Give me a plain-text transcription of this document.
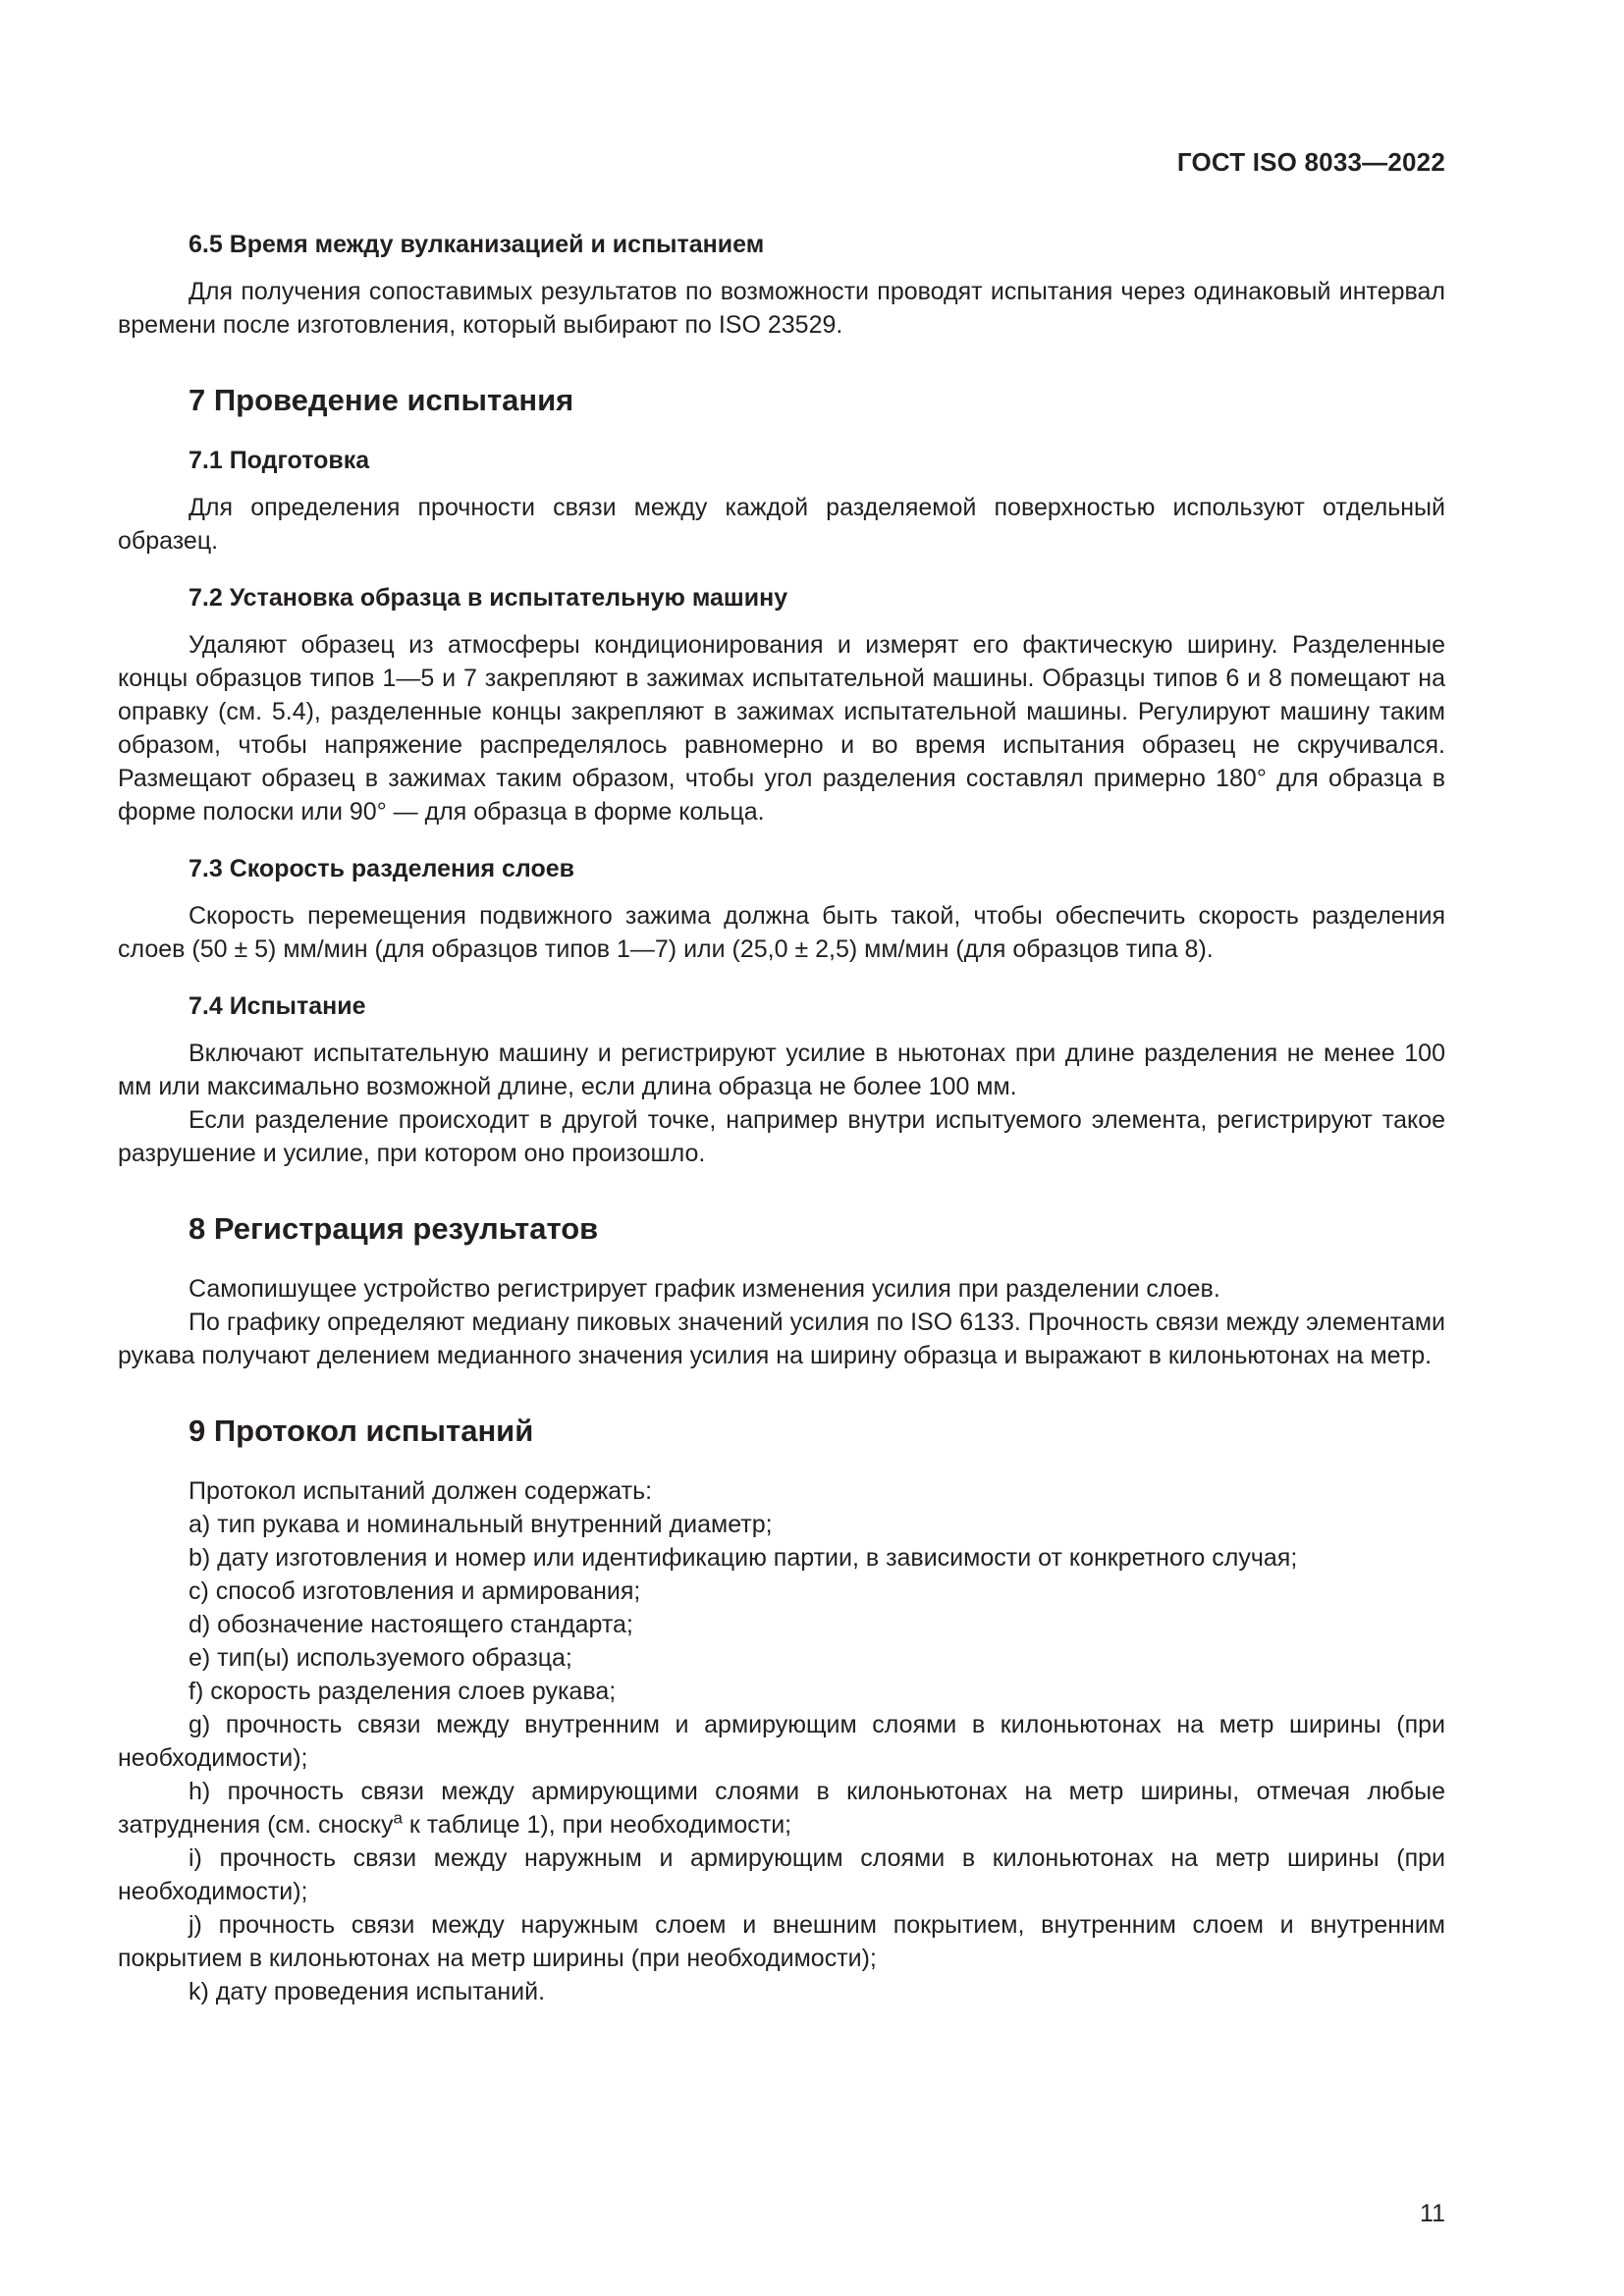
ГОСТ ISO 8033—2022
6.5 Время между вулканизацией и испытанием

Для получения сопоставимых результатов по возможности проводят испытания через одинаковый интервал времени после изготовления, который выбирают по ISO 23529.

7 Проведение испытания
7.1 Подготовка

Для определения прочности связи между каждой разделяемой поверхностью используют отдельный образец.

7.2 Установка образца в испытательную машину

Удаляют образец из атмосферы кондиционирования и измерят его фактическую ширину. Разделенные концы образцов типов 1—5 и 7 закрепляют в зажимах испытательной машины. Образцы типов 6 и 8 помещают на оправку (см. 5.4), разделенные концы закрепляют в зажимах испытательной машины. Регулируют машину таким образом, чтобы напряжение распределялось равномерно и во время испытания образец не скручивался. Размещают образец в зажимах таким образом, чтобы угол разделения составлял примерно 180° для образца в форме полоски или 90° — для образца в форме кольца.

7.3 Скорость разделения слоев

Скорость перемещения подвижного зажима должна быть такой, чтобы обеспечить скорость разделения слоев (50 ± 5) мм/мин (для образцов типов 1—7) или (25,0 ± 2,5) мм/мин (для образцов типа 8).

7.4 Испытание

Включают испытательную машину и регистрируют усилие в ньютонах при длине разделения не менее 100 мм или максимально возможной длине, если длина образца не более 100 мм.

Если разделение происходит в другой точке, например внутри испытуемого элемента, регистрируют такое разрушение и усилие, при котором оно произошло.

8 Регистрация результатов

Самопишущее устройство регистрирует график изменения усилия при разделении слоев.

По графику определяют медиану пиковых значений усилия по ISO 6133. Прочность связи между элементами рукава получают делением медианного значения усилия на ширину образца и выражают в килоньютонах на метр.

9 Протокол испытаний
Протокол испытаний должен содержать:
a) тип рукава и номинальный внутренний диаметр;
b) дату изготовления и номер или идентификацию партии, в зависимости от конкретного случая;
c) способ изготовления и армирования;
d) обозначение настоящего стандарта;
e) тип(ы) используемого образца;
f) скорость разделения слоев рукава;
g) прочность связи между внутренним и армирующим слоями в килоньютонах на метр ширины (при необходимости);
h) прочность связи между армирующими слоями в килоньютонах на метр ширины, отмечая любые затруднения (см. сноску$^a$ к таблице 1), при необходимости;
i) прочность связи между наружным и армирующим слоями в килоньютонах на метр ширины (при необходимости);
j) прочность связи между наружным слоем и внешним покрытием, внутренним слоем и внутренним покрытием в килоньютонах на метр ширины (при необходимости);
k) дату проведения испытаний.
11
